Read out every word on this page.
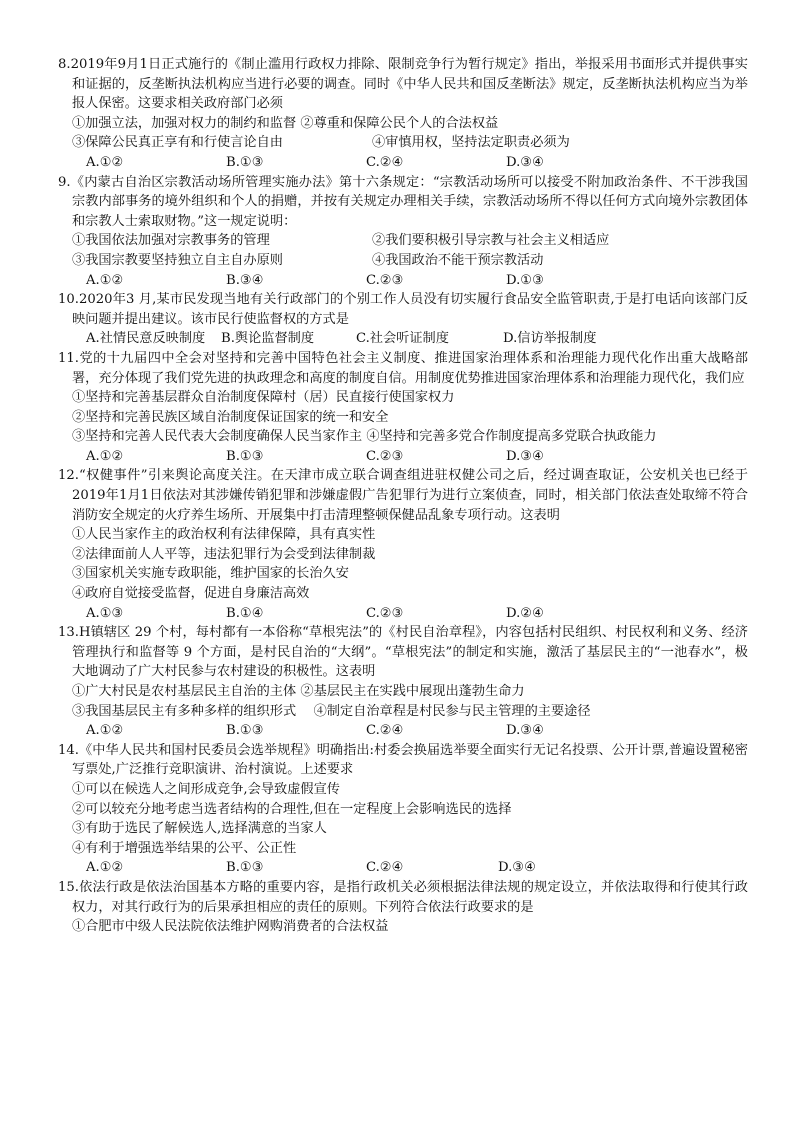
8.2019年9月1日正式施行的《制止滥用行政权力排除、限制竞争行为暂行规定》指出，举报采用书面形式并提供事实和证据的，反垄断执法机构应当进行必要的调查。同时《中华人民共和国反垄断法》规定，反垄断执法机构应当为举报人保密。这要求相关政府部门必须

①加强立法，加强对权力的制约和监督 ②尊重和保障公民个人的合法权益
③保障公民真正享有和行使言论自由	④审慎用权，坚持法定职责必须为
A.①②	B.①③	C.②④	D.③④

9.《内蒙古自治区宗教活动场所管理实施办法》第十六条规定：“宗教活动场所可以接受不附加政治条件、不干涉我国宗教内部事务的境外组织和个人的捐赠，并按有关规定办理相关手续，宗教活动场所不得以任何方式向境外宗教团体和宗教人士索取财物。”这一规定说明：

①我国依法加强对宗教事务的管理	②我们要积极引导宗教与社会主义相适应
③我国宗教要坚持独立自主自办原则	④我国政治不能干预宗教活动
A.①②	B.③④	C.②③	D.①③

10.2020年3 月,某市民发现当地有关行政部门的个别工作人员没有切实履行食品安全监管职责,于是打电话向该部门反映问题并提出建议。该市民行使监督权的方式是

A.社情民意反映制度	B.舆论监督制度	C.社会听证制度	D.信访举报制度

11.党的十九届四中全会对坚持和完善中国特色社会主义制度、推进国家治理体系和治理能力现代化作出重大战略部署，充分体现了我们党先进的执政理念和高度的制度自信。用制度优势推进国家治理体系和治理能力现代化，我们应

①坚持和完善基层群众自治制度保障村（居）民直接行使国家权力
②坚持和完善民族区域自治制度保证国家的统一和安全
③坚持和完善人民代表大会制度确保人民当家作主 ④坚持和完善多党合作制度提高多党联合执政能力
A.①②	B.①③	C.②③	D.③④

12.“权健事件”引来舆论高度关注。在天津市成立联合调查组进驻权健公司之后，经过调查取证，公安机关也已经于 2019年1月1日依法对其涉嫌传销犯罪和涉嫌虚假广告犯罪行为进行立案侦查，同时，相关部门依法查处取缔不符合消防安全规定的火疗养生场所、开展集中打击清理整顿保健品乱象专项行动。这表明

①人民当家作主的政治权利有法律保障，具有真实性
②法律面前人人平等，违法犯罪行为会受到法律制裁
③国家机关实施专政职能，维护国家的长治久安
④政府自觉接受监督，促进自身廉洁高效
A.①③	B.①④	C.②③	D.②④

13.H镇辖区 29 个村，每村都有一本俗称“草根宪法”的《村民自治章程》，内容包括村民组织、村民权利和义务、经济管理执行和监督等 9 个方面，是村民自治的“大纲”。“草根宪法”的制定和实施，激活了基层民主的“一池春水”，极大地调动了广大村民参与农村建设的积极性。这表明

①广大村民是农村基层民主自治的主体 ②基层民主在实践中展现出蓬勃生命力
③我国基层民主有多种多样的组织形式　 ④制定自治章程是村民参与民主管理的主要途径
A.①②	B.①③	C.②④	D.③④

14.《中华人民共和国村民委员会选举规程》明确指出:村委会换届选举要全面实行无记名投票、公开计票,普遍设置秘密写票处,广泛推行竞职演讲、治村演说。上述要求

①可以在候选人之间形成竞争,会导致虚假宣传
②可以较充分地考虑当选者结构的合理性,但在一定程度上会影响选民的选择
③有助于选民了解候选人,选择满意的当家人
④有利于增强选举结果的公平、公正性
A.①②	B.①③	C.②④	D.③④

15.依法行政是依法治国基本方略的重要内容，是指行政机关必须根据法律法规的规定设立，并依法取得和行使其行政权力，对其行政行为的后果承担相应的责任的原则。下列符合依法行政要求的是

①合肥市中级人民法院依法维护网购消费者的合法权益
